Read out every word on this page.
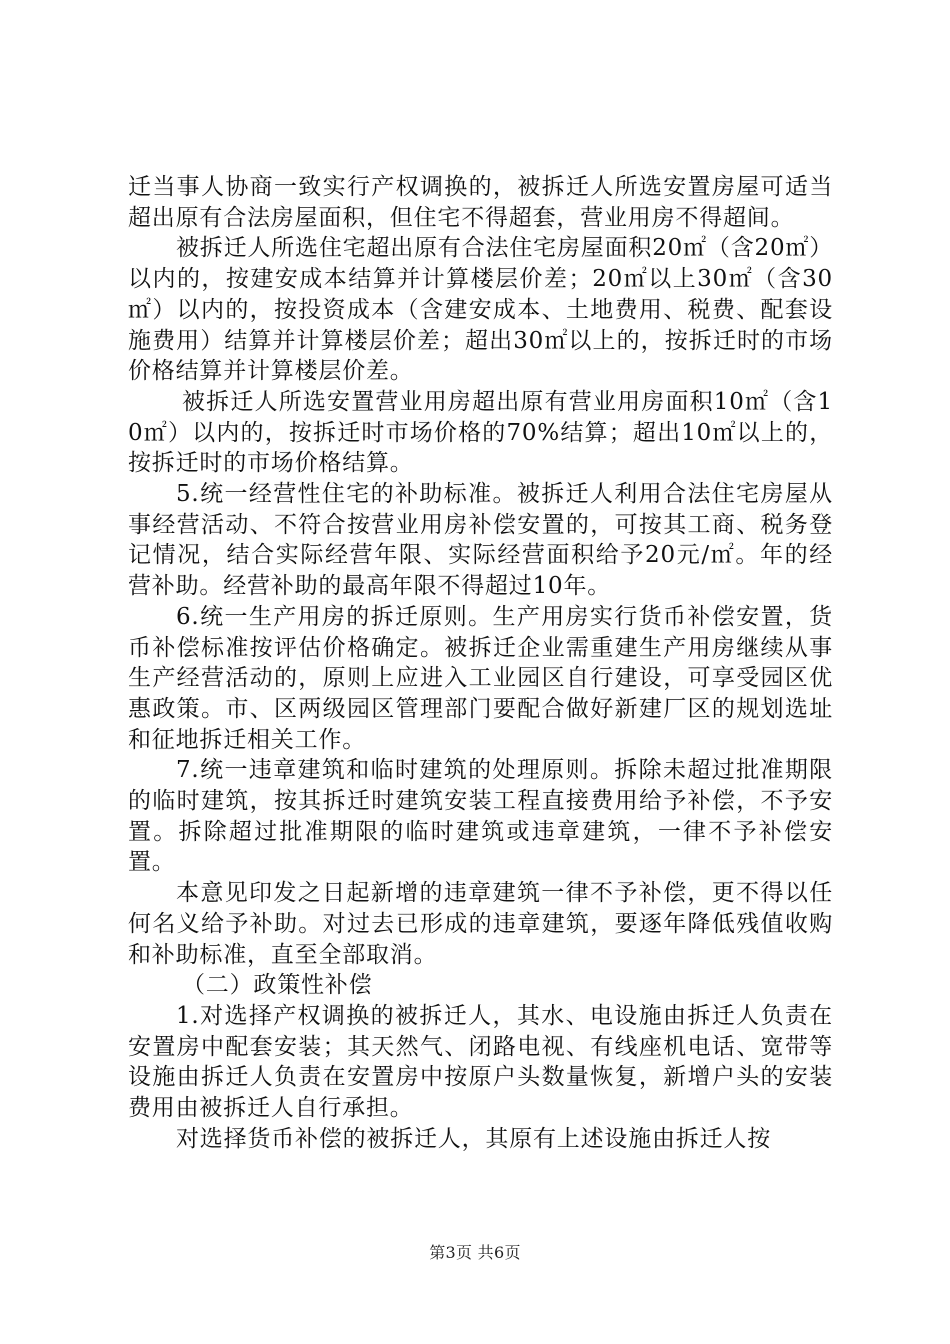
迁当事人协商一致实行产权调换的，被拆迁人所选安置房屋可适当超出原有合法房屋面积，但住宅不得超套，营业用房不得超间。

被拆迁人所选住宅超出原有合法住宅房屋面积20㎡（含20㎡）以内的，按建安成本结算并计算楼层价差；20㎡以上30㎡（含30㎡）以内的，按投资成本（含建安成本、土地费用、税费、配套设施费用）结算并计算楼层价差；超出30㎡以上的，按拆迁时的市场价格结算并计算楼层价差。

被拆迁人所选安置营业用房超出原有营业用房面积10㎡（含10㎡）以内的，按拆迁时市场价格的70%结算；超出10㎡以上的，按拆迁时的市场价格结算。

5.统一经营性住宅的补助标准。被拆迁人利用合法住宅房屋从事经营活动、不符合按营业用房补偿安置的，可按其工商、税务登记情况，结合实际经营年限、实际经营面积给予20元/㎡。年的经营补助。经营补助的最高年限不得超过10年。

6.统一生产用房的拆迁原则。生产用房实行货币补偿安置，货币补偿标准按评估价格确定。被拆迁企业需重建生产用房继续从事生产经营活动的，原则上应进入工业园区自行建设，可享受园区优惠政策。市、区两级园区管理部门要配合做好新建厂区的规划选址和征地拆迁相关工作。

7.统一违章建筑和临时建筑的处理原则。拆除未超过批准期限的临时建筑，按其拆迁时建筑安装工程直接费用给予补偿，不予安置。拆除超过批准期限的临时建筑或违章建筑，一律不予补偿安置。

本意见印发之日起新增的违章建筑一律不予补偿，更不得以任何名义给予补助。对过去已形成的违章建筑，要逐年降低残值收购和补助标准，直至全部取消。

（二）政策性补偿

1.对选择产权调换的被拆迁人，其水、电设施由拆迁人负责在安置房中配套安装；其天然气、闭路电视、有线座机电话、宽带等设施由拆迁人负责在安置房中按原户头数量恢复，新增户头的安装费用由被拆迁人自行承担。

对选择货币补偿的被拆迁人，其原有上述设施由拆迁人按

第3页 共6页
